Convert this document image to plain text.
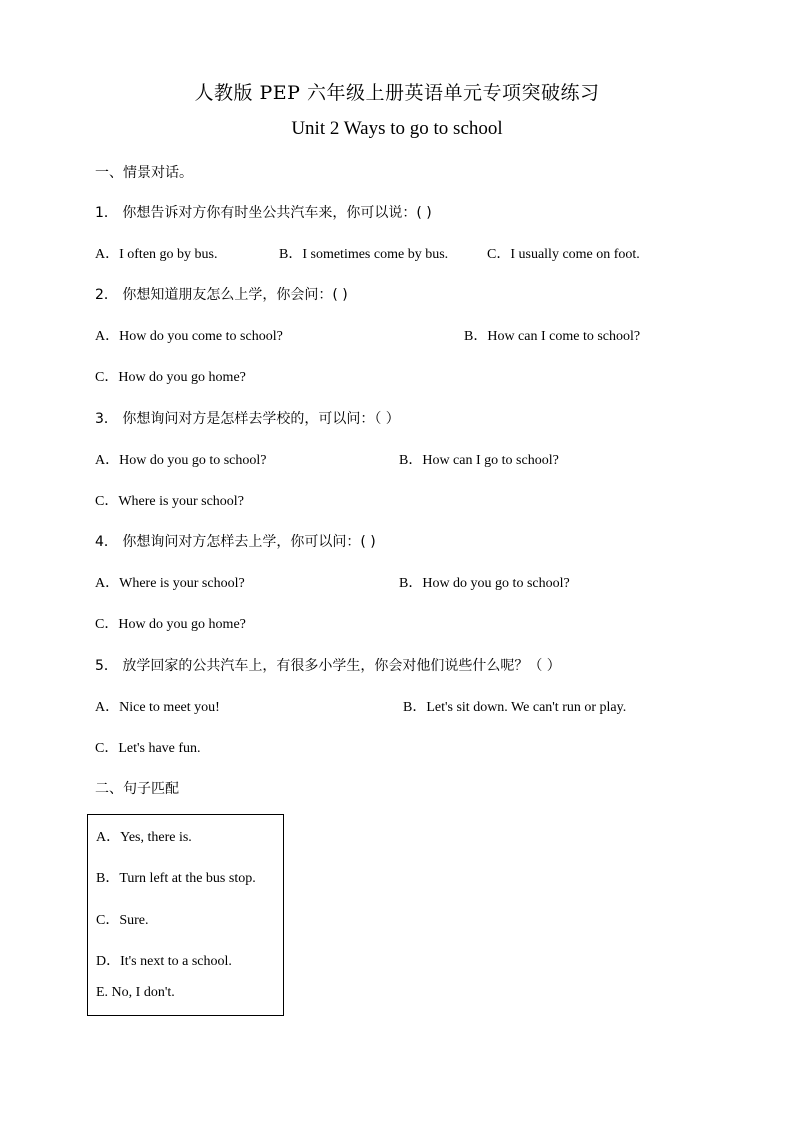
人教版 PEP 六年级上册英语单元专项突破练习
Unit 2 Ways to go to school
一、情景对话。
1． 你想告诉对方你有时坐公共汽车来，你可以说：( )
A．I often go by bus.	B．I sometimes come by bus.	C．I usually come on foot.
2． 你想知道朋友怎么上学，你会问：( )
A．How do you come to school?	B．How can I come to school?
C．How do you go home?
3． 你想询问对方是怎样去学校的，可以问：（ ）
A．How do you go to school?	B．How can I go to school?
C．Where is your school?
4． 你想询问对方怎样去上学，你可以问：( )
A．Where is your school?	B．How do you go to school?
C．How do you go home?
5． 放学回家的公共汽车上，有很多小学生，你会对他们说些什么呢？（ ）
A．Nice to meet you!	B．Let's sit down. We can't run or play.
C．Let's have fun.
二、句子匹配
A．Yes, there is.
B．Turn left at the bus stop.
C．Sure.
D．It's next to a school.
E. No, I don't.
